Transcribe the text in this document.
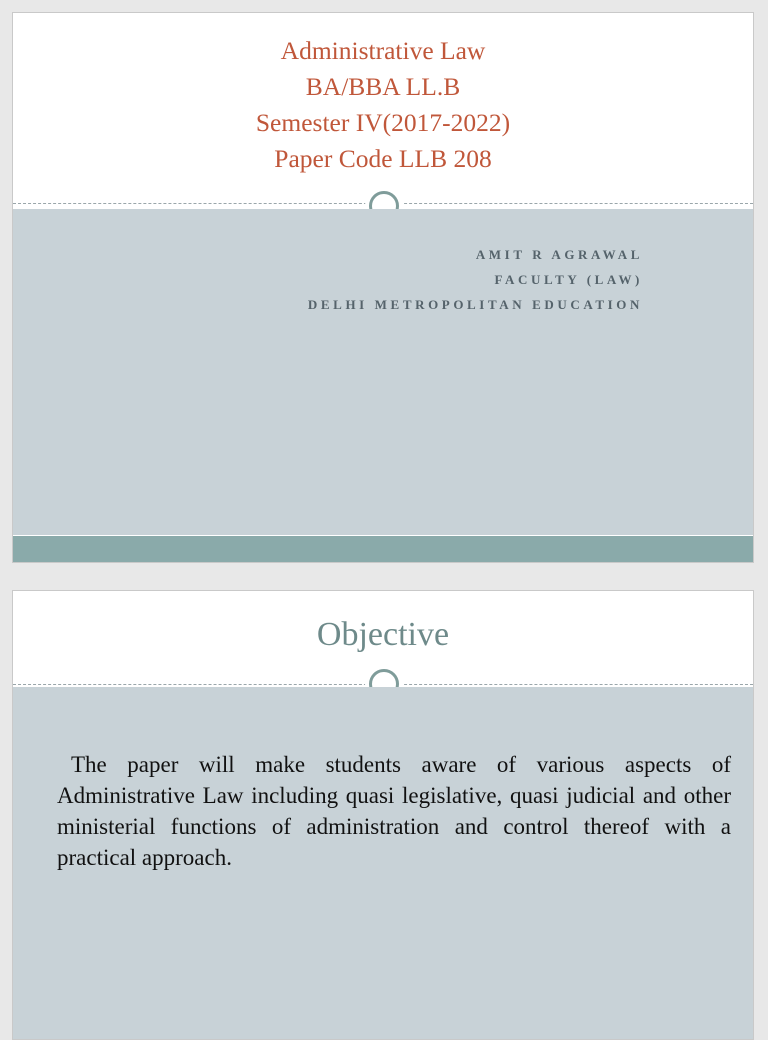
Administrative Law
BA/BBA LL.B
Semester IV(2017-2022)
Paper Code LLB 208
AMIT R AGRAWAL
FACULTY (LAW)
DELHI METROPOLITAN EDUCATION
Objective
The paper will make students aware of various aspects of Administrative Law including quasi legislative, quasi judicial and other ministerial functions of administration and control thereof with a practical approach.
